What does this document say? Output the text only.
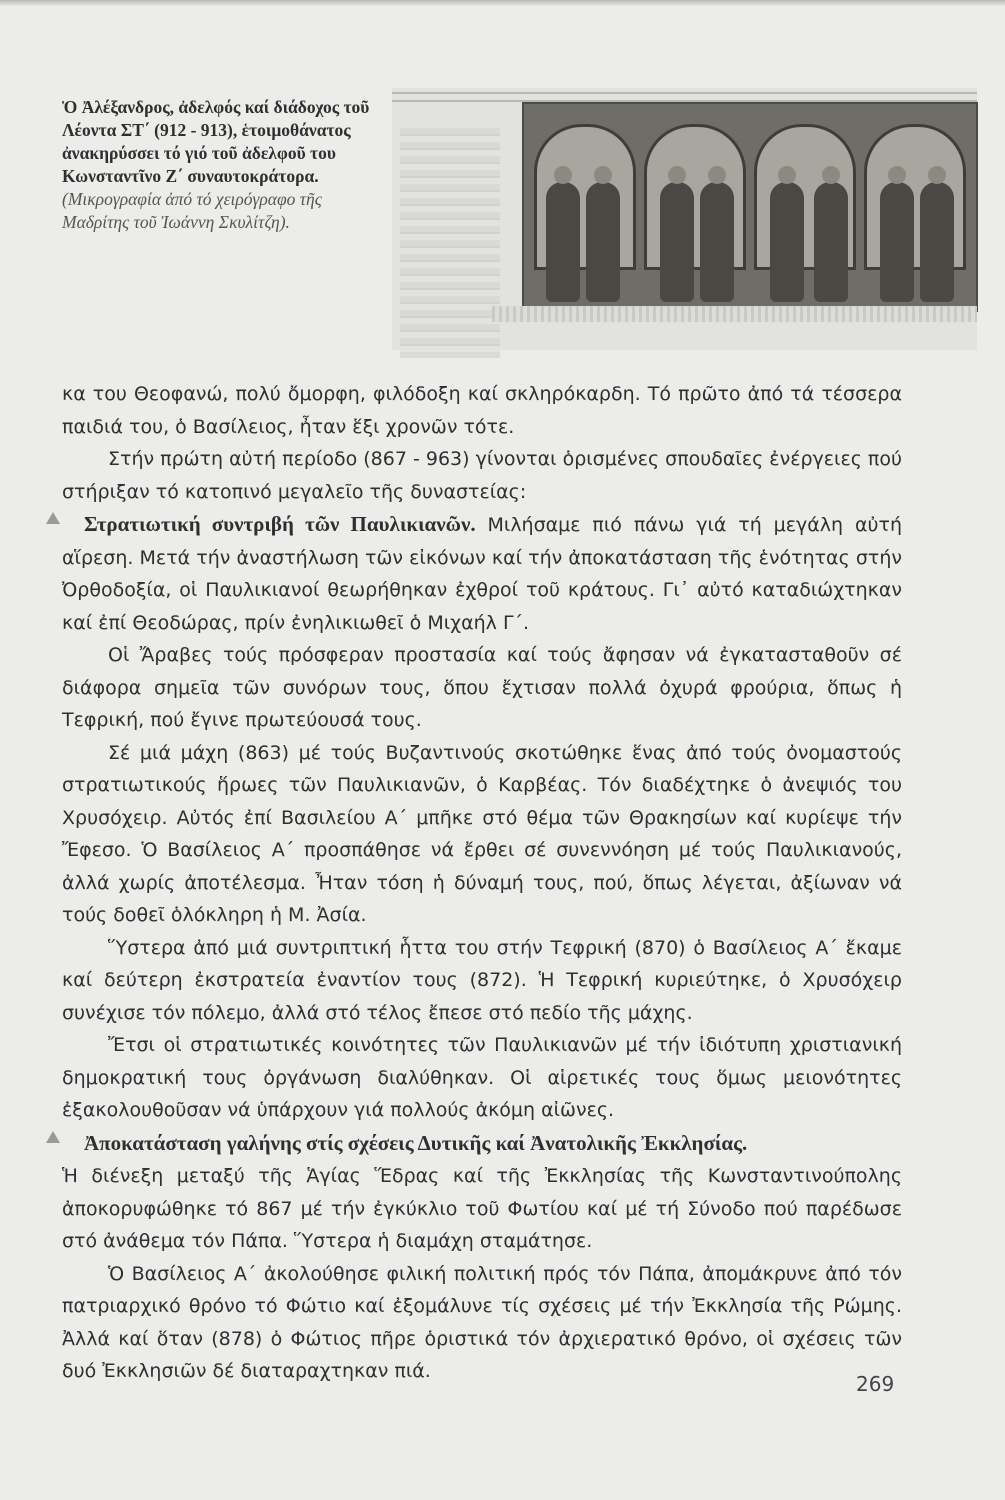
Ὁ Ἀλέξανδρος, ἀδελφός καί διάδοχος τοῦ Λέοντα ΣΤ΄ (912 - 913), ἑτοιμοθάνατος ἀνακηρύσσει τό γιό τοῦ ἀδελφοῦ του Κωνσταντῖνο Ζ΄ συναυτοκράτορα. (Μικρογραφία ἀπό τό χειρόγραφο τῆς Μαδρίτης τοῦ Ἰωάννη Σκυλίτζη).

κα του Θεοφανώ, πολύ ὄμορφη, φιλόδοξη καί σκληρόκαρδη. Τό πρῶτο ἀπό τά τέσσερα παιδιά του, ὁ Βασίλειος, ἦταν ἕξι χρονῶν τότε.

Στήν πρώτη αὐτή περίοδο (867 - 963) γίνονται ὁρισμένες σπουδαῖες ἐνέργειες πού στήριξαν τό κατοπινό μεγαλεῖο τῆς δυναστείας:

Στρατιωτική συντριβή τῶν Παυλικιανῶν. Μιλήσαμε πιό πάνω γιά τή μεγάλη αὐτή αἵρεση. Μετά τήν ἀναστήλωση τῶν εἰκόνων καί τήν ἀποκατάσταση τῆς ἑνότητας στήν Ὀρθοδοξία, οἱ Παυλικιανοί θεωρήθηκαν ἐχθροί τοῦ κράτους. Γι᾽ αὐτό καταδιώχτηκαν καί ἐπί Θεοδώρας, πρίν ἐνηλικιωθεῖ ὁ Μιχαήλ Γ΄.

Οἱ Ἄραβες τούς πρόσφεραν προστασία καί τούς ἄφησαν νά ἐγκατασταθοῦν σέ διάφορα σημεῖα τῶν συνόρων τους, ὅπου ἔχτισαν πολλά ὀχυρά φρούρια, ὅπως ἡ Τεφρική, πού ἔγινε πρωτεύουσά τους.

Σέ μιά μάχη (863) μέ τούς Βυζαντινούς σκοτώθηκε ἕνας ἀπό τούς ὀνομαστούς στρατιωτικούς ἥρωες τῶν Παυλικιανῶν, ὁ Καρβέας. Τόν διαδέχτηκε ὁ ἀνεψιός του Χρυσόχειρ. Αὐτός ἐπί Βασιλείου Α΄ μπῆκε στό θέμα τῶν Θρακησίων καί κυρίεψε τήν Ἔφεσο. Ὁ Βασίλειος Α΄ προσπάθησε νά ἔρθει σέ συνεννόηση μέ τούς Παυλικιανούς, ἀλλά χωρίς ἀποτέλεσμα. Ἦταν τόση ἡ δύναμή τους, πού, ὅπως λέγεται, ἀξίωναν νά τούς δοθεῖ ὁλόκληρη ἡ Μ. Ἀσία.

Ὕστερα ἀπό μιά συντριπτική ἧττα του στήν Τεφρική (870) ὁ Βασίλειος Α΄ ἔκαμε καί δεύτερη ἐκστρατεία ἐναντίον τους (872). Ἡ Τεφρική κυριεύτηκε, ὁ Χρυσόχειρ συνέχισε τόν πόλεμο, ἀλλά στό τέλος ἔπεσε στό πεδίο τῆς μάχης.

Ἔτσι οἱ στρατιωτικές κοινότητες τῶν Παυλικιανῶν μέ τήν ἰδιότυπη χριστιανική δημοκρατική τους ὀργάνωση διαλύθηκαν. Οἱ αἱρετικές τους ὅμως μειονότητες ἐξακολουθοῦσαν νά ὑπάρχουν γιά πολλούς ἀκόμη αἰῶνες.

Ἀποκατάσταση γαλήνης στίς σχέσεις Δυτικῆς καί Ἀνατολικῆς Ἐκκλησίας.

Ἡ διένεξη μεταξύ τῆς Ἁγίας Ἕδρας καί τῆς Ἐκκλησίας τῆς Κωνσταντινούπολης ἀποκορυφώθηκε τό 867 μέ τήν ἐγκύκλιο τοῦ Φωτίου καί μέ τή Σύνοδο πού παρέδωσε στό ἀνάθεμα τόν Πάπα. Ὕστερα ἡ διαμάχη σταμάτησε.

Ὁ Βασίλειος Α΄ ἀκολούθησε φιλική πολιτική πρός τόν Πάπα, ἀπομάκρυνε ἀπό τόν πατριαρχικό θρόνο τό Φώτιο καί ἐξομάλυνε τίς σχέσεις μέ τήν Ἐκκλησία τῆς Ρώμης. Ἀλλά καί ὅταν (878) ὁ Φώτιος πῆρε ὁριστικά τόν ἀρχιερατικό θρόνο, οἱ σχέσεις τῶν δυό Ἐκκλησιῶν δέ διαταραχτηκαν πιά.

269
